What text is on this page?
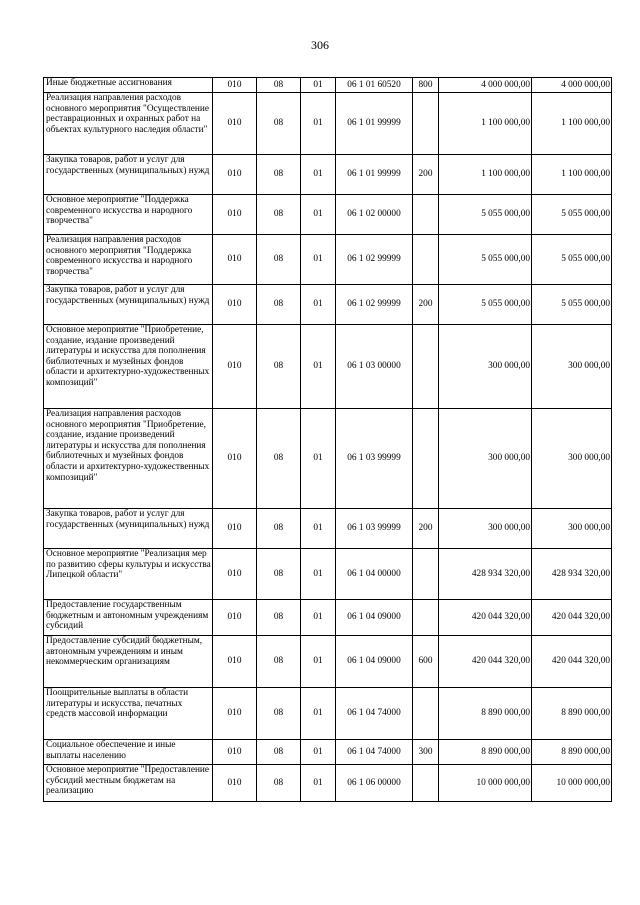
306
Иные бюджетные ассигнования	010	08	01	06 1 01 60520	800	4 000 000,00	4 000 000,00
Реализация направления расходов основного мероприятия "Осуществление реставрационных и охранных работ на объектах культурного наследия области"	010	08	01	06 1 01 99999		1 100 000,00	1 100 000,00
Закупка товаров, работ и услуг для государственных (муниципальных) нужд	010	08	01	06 1 01 99999	200	1 100 000,00	1 100 000,00
Основное мероприятие "Поддержка современного искусства и народного творчества"	010	08	01	06 1 02 00000		5 055 000,00	5 055 000,00
Реализация направления расходов основного мероприятия "Поддержка современного искусства и народного творчества"	010	08	01	06 1 02 99999		5 055 000,00	5 055 000,00
Закупка товаров, работ и услуг для государственных (муниципальных) нужд	010	08	01	06 1 02 99999	200	5 055 000,00	5 055 000,00
Основное мероприятие "Приобретение, создание, издание произведений литературы и искусства для пополнения библиотечных и музейных фондов области и архитектурно-художественных композиций"	010	08	01	06 1 03 00000		300 000,00	300 000,00
Реализация направления расходов основного мероприятия "Приобретение, создание, издание произведений литературы и искусства для пополнения библиотечных и музейных фондов области и архитектурно-художественных композиций"	010	08	01	06 1 03 99999		300 000,00	300 000,00
Закупка товаров, работ и услуг для государственных (муниципальных) нужд	010	08	01	06 1 03 99999	200	300 000,00	300 000,00
Основное мероприятие "Реализация мер по развитию сферы культуры и искусства Липецкой области"	010	08	01	06 1 04 00000		428 934 320,00	428 934 320,00
Предоставление государственным бюджетным и автономным учреждениям субсидий	010	08	01	06 1 04 09000		420 044 320,00	420 044 320,00
Предоставление субсидий бюджетным, автономным учреждениям и иным некоммерческим организациям	010	08	01	06 1 04 09000	600	420 044 320,00	420 044 320,00
Поощрительные выплаты в области литературы и искусства, печатных средств массовой информации	010	08	01	06 1 04 74000		8 890 000,00	8 890 000,00
Социальное обеспечение и иные выплаты населению	010	08	01	06 1 04 74000	300	8 890 000,00	8 890 000,00
Основное мероприятие "Предоставление субсидий местным бюджетам на реализацию	010	08	01	06 1 06 00000		10 000 000,00	10 000 000,00
